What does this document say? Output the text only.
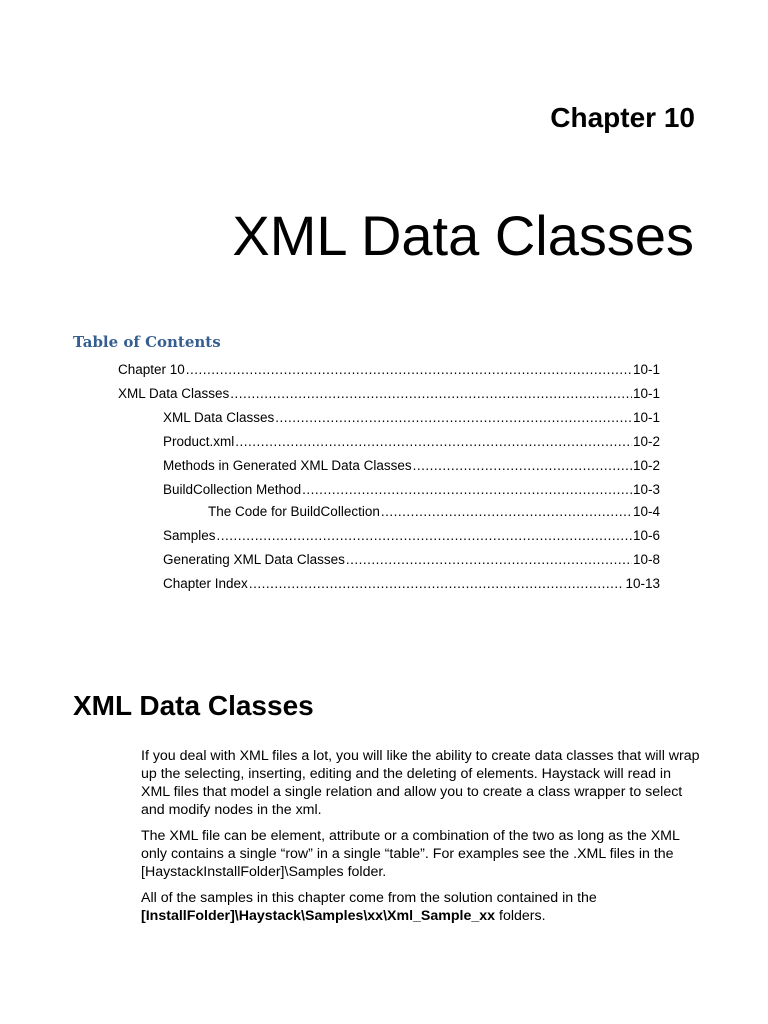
Chapter 10
XML Data Classes
Table of Contents
Chapter 10 .....	10-1
XML Data Classes .....	10-1
XML Data Classes .....	10-1
Product.xml .....	10-2
Methods in Generated XML Data Classes .....	10-2
BuildCollection Method .....	10-3
The Code for BuildCollection .....	10-4
Samples .....	10-6
Generating XML Data Classes .....	10-8
Chapter Index .....	10-13
XML Data Classes

If you deal with XML files a lot, you will like the ability to create data classes that will wrap up the selecting, inserting, editing and the deleting of elements. Haystack will read in XML files that model a single relation and allow you to create a class wrapper to select and modify nodes in the xml.

The XML file can be element, attribute or a combination of the two as long as the XML only contains a single “row” in a single “table”. For examples see the .XML files in the [HaystackInstallFolder]\Samples folder.

All of the samples in this chapter come from the solution contained in the [InstallFolder]\Haystack\Samples\xx\Xml_Sample_xx folders.
